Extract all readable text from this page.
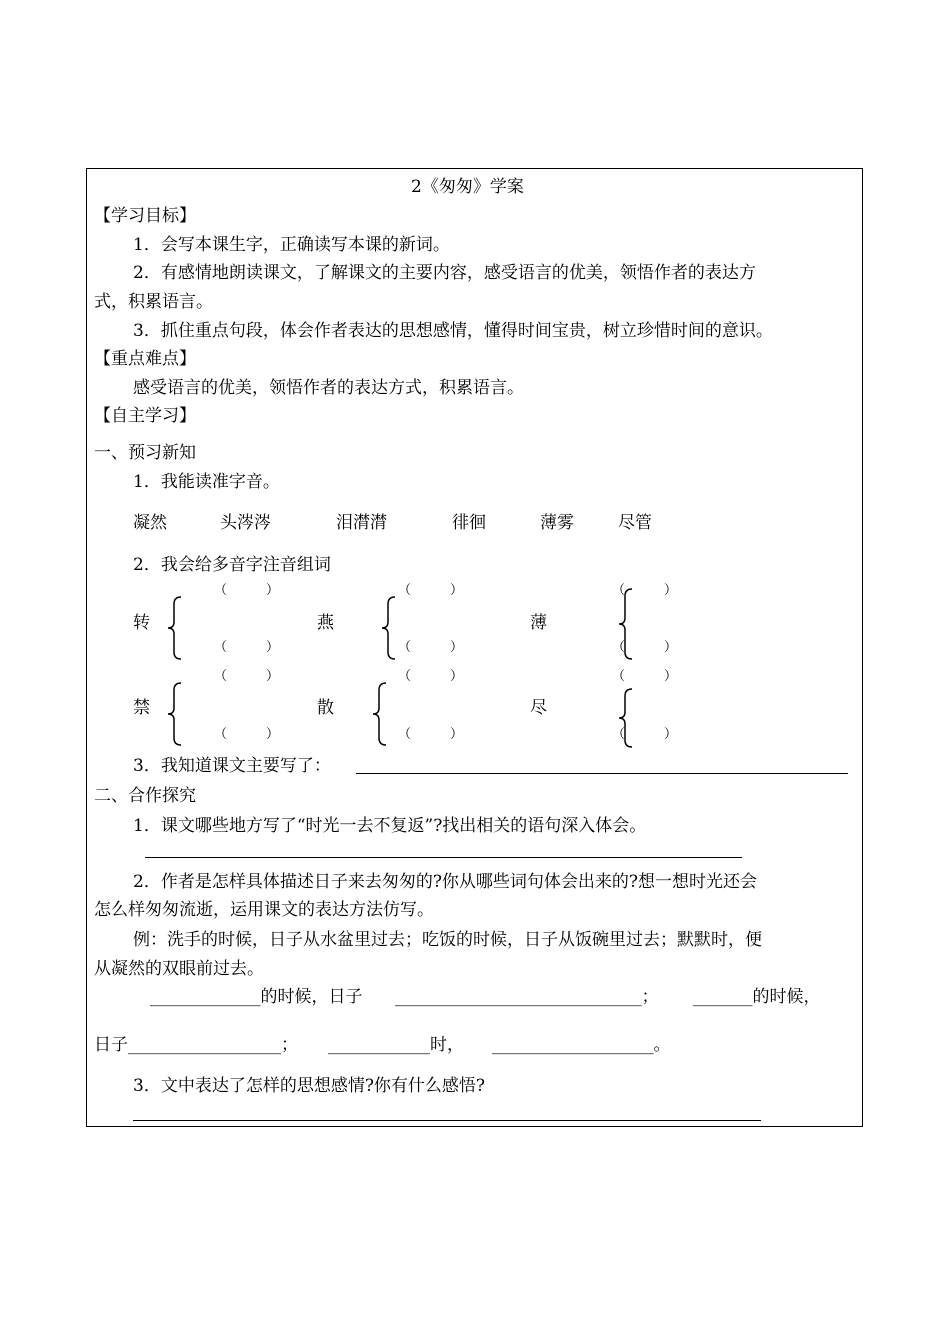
2《匆匆》学案
【学习目标】
1．会写本课生字，正确读写本课的新词。
2．有感情地朗读课文，了解课文的主要内容，感受语言的优美，领悟作者的表达方
式，积累语言。
3．抓住重点句段，体会作者表达的思想感情，懂得时间宝贵，树立珍惜时间的意识。
【重点难点】
感受语言的优美，领悟作者的表达方式，积累语言。
【自主学习】
一、预习新知
1．我能读准字音。
凝然	头涔涔	泪潸潸	徘徊	薄雾	尽管
2．我会给多音字注音组词
转
（　　　）
（　　　）
燕
（　　　）
（　　　）
薄
（　　　）
（　　　）
禁
（　　　）
（　　　）
散
（　　　）
（　　　）
尽
（　　　）
（　　　）
3．我知道课文主要写了：
二、合作探究
1．课文哪些地方写了“时光一去不复返”?找出相关的语句深入体会。
2．作者是怎样具体描述日子来去匆匆的?你从哪些词句体会出来的?想一想时光还会
怎么样匆匆流逝，运用课文的表达方法仿写。
例：洗手的时候，日子从水盆里过去；吃饭的时候，日子从饭碗里过去；默默时，便
从凝然的双眼前过去。
_____________的时候，日子 _____________________________； _______的时候，
日子__________________； ____________时， ___________________。
3．文中表达了怎样的思想感情?你有什么感悟?
